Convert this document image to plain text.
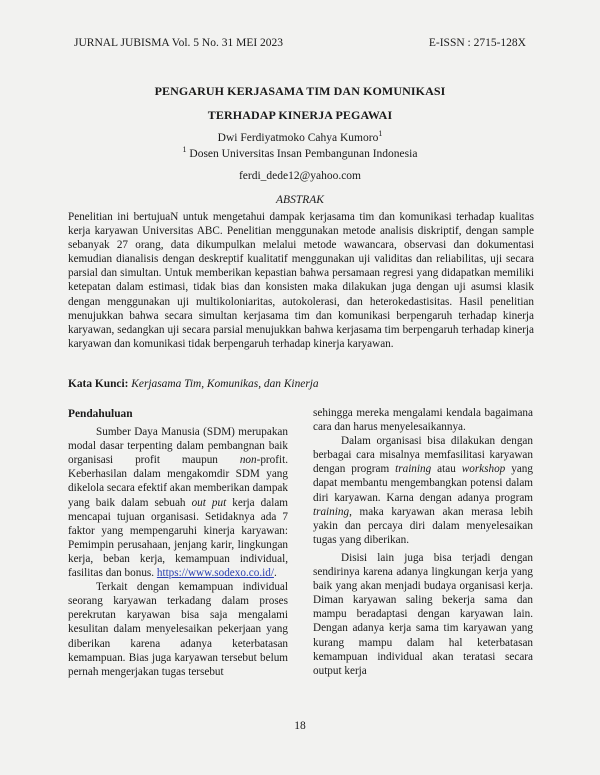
JURNAL JUBISMA Vol. 5 No. 31 MEI 2023	E-ISSN : 2715-128X
PENGARUH KERJASAMA TIM DAN KOMUNIKASI
TERHADAP KINERJA PEGAWAI
Dwi Ferdiyatmoko Cahya Kumoro$^1$
$^1$ Dosen Universitas Insan Pembangunan Indonesia
ferdi_dede12@yahoo.com
ABSTRAK
Penelitian ini bertujuaN untuk mengetahui dampak kerjasama tim dan komunikasi terhadap kualitas kerja karyawan Universitas ABC. Penelitian menggunakan metode analisis diskriptif, dengan sample sebanyak 27 orang, data dikumpulkan melalui metode wawancara, observasi dan dokumentasi kemudian dianalisis dengan deskreptif kualitatif menggunakan uji validitas dan reliabilitas, uji secara parsial dan simultan. Untuk memberikan kepastian bahwa persamaan regresi yang didapatkan memiliki ketepatan dalam estimasi, tidak bias dan konsisten maka dilakukan juga dengan uji asumsi klasik dengan menggunakan uji multikoloniaritas, autokolerasi, dan heterokedastisitas. Hasil penelitian menujukkan bahwa secara simultan kerjasama tim dan komunikasi berpengaruh terhadap kinerja karyawan, sedangkan uji secara parsial menujukkan bahwa kerjasama tim berpengaruh terhadap kinerja karyawan dan komunikasi tidak berpengaruh terhadap kinerja karyawan.
Kata Kunci: Kerjasama Tim, Komunikas, dan Kinerja

Pendahuluan

Sumber Daya Manusia (SDM) merupakan modal dasar terpenting dalam pembangnan baik organisasi profit maupun non-profit. Keberhasilan dalam mengakomdir SDM yang dikelola secara efektif akan memberikan dampak yang baik dalam sebuah out put kerja dalam mencapai tujuan organisasi. Setidaknya ada 7 faktor yang mempengaruhi kinerja karyawan: Pemimpin perusahaan, jenjang karir, lingkungan kerja, beban kerja, kemampuan individual, fasilitas dan bonus. https://www.sodexo.co.id/.

Terkait dengan kemampuan individual seorang karyawan terkadang dalam proses perekrutan karyawan bisa saja mengalami kesulitan dalam menyelesaikan pekerjaan yang diberikan karena adanya keterbatasan kemampuan. Bias juga karyawan tersebut belum pernah mengerjakan tugas tersebut

sehingga mereka mengalami kendala bagaimana cara dan harus menyelesaikannya.

Dalam organisasi bisa dilakukan dengan berbagai cara misalnya memfasilitasi karyawan dengan program training atau workshop yang dapat membantu mengembangkan potensi dalam diri karyawan. Karna dengan adanya program training, maka karyawan akan merasa lebih yakin dan percaya diri dalam menyelesaikan tugas yang diberikan.

Disisi lain juga bisa terjadi dengan sendirinya karena adanya lingkungan kerja yang baik yang akan menjadi budaya organisasi kerja. Diman karyawan saling bekerja sama dan mampu beradaptasi dengan karyawan lain. Dengan adanya kerja sama tim karyawan yang kurang mampu dalam hal keterbatasan kemampuan individual akan teratasi secara output kerja

18
